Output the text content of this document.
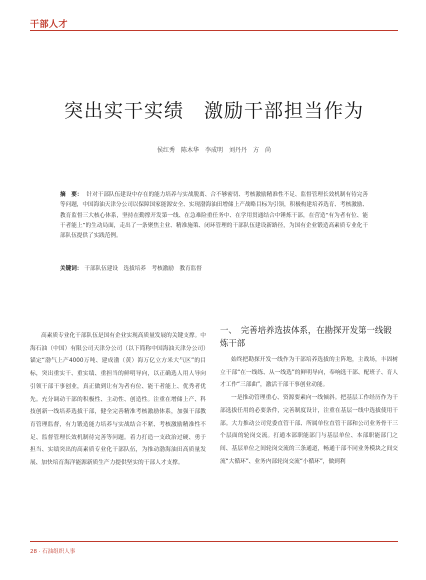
干部人才
突出实干实绩　激励干部担当作为
侯红秀　陈木华　李成明　刘丹丹　方　尚
摘　要： 针对干部队伍建设中存在的能力培养与实战脱离、合不够密切、考核激励精准性不足、监督管理长效机制有待完善等问题，中国海油天津分公司以保障国家能源安全、实现渤海油田增储上产战略目标为引领，积极构建培养选育、考核激励、教育监督三大核心体系，坚持在勤撑开发第一线、在急难险重任务中、在学用贯通结合中锤炼干部，在营造“有为者有位、能干者能上”的生动局面，走出了一条聚焦主业、精准施策、闭环管理的干部队伍建设新路径，为国有企业锻造高素质专业化干部队伍提供了实践范例。
关键词： 干部队伍建设　选拔培养　考核激励　教育监督

高素质专业化干部队伍是国有企业实现高质量发展的关键支撑。中海石油（中国）有限公司天津分公司（以下简称中国海油天津分公司）锚定“渤气上产4000万吨、建成渤（黄）海万亿立方米大气区”的目标，突出重实干、重实绩、重担当的鲜明导向，以正确选人用人导向引领干部干事创业，真正做到让有为者有位、能干者能上、优秀者优先。充分调动干部的积极性、主动性、创造性。注重在增储上产、科技创新一线培养选拔干部，健全完善精准考核激励体系，加强干部教育管理监督，有力锻造能力培养与实战结合不紧、考核激励精准性不足、监督管理长效机制待完善等问题。着力打造一支政治过硬、勇于担当、实绩突出的高素质专业化干部队伍，为推动渤海油田高质量发展、加快培育海洋能源新质生产力提供坚实的干部人才支撑。

一、　完善培养选拔体系，在勘探开发第一线锻炼干部

始终把勘探开发一线作为干部培养选拔的主阵地，主战场，丰固树立干部“在一线练、从一线选”的鲜明导向，奉响选干部、配班子、育人才工作“三部曲”，激活干部干事创业动能。

一是推动管理重心、资源要素向一线倾斜。把基层工作经历作为干部选拔任用的必要条件，完善制度设计，注重在基层一线中选拔使用干部。大力推动公司党委直管干部、所属单位直管干部和公司业务骨干三个层面的轮岗交流。打通本部职能部门与基层单位、本部职能部门之间、基层单位之间轮岗交流的三条通道，畅通干部不同业务模块之间交流“大循环”、业务内部轮岗交流“小循环”，做到利

28 · 石油组织人事
